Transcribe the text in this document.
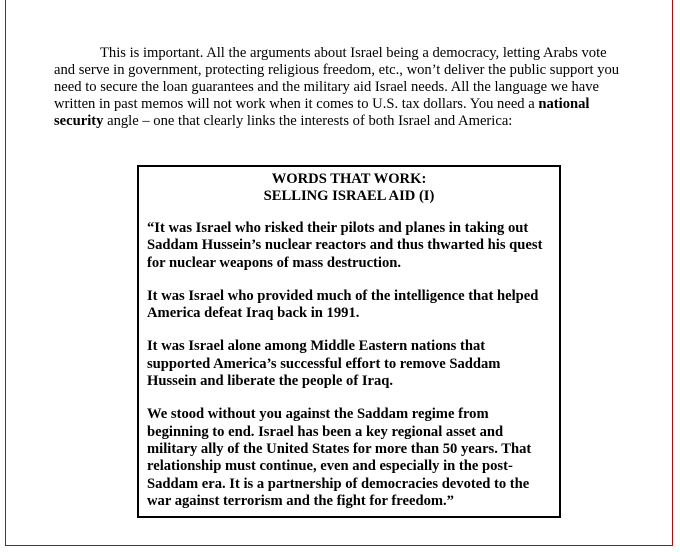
This is important. All the arguments about Israel being a democracy, letting Arabs vote and serve in government, protecting religious freedom, etc., won’t deliver the public support you need to secure the loan guarantees and the military aid Israel needs. All the language we have written in past memos will not work when it comes to U.S. tax dollars. You need a national security angle – one that clearly links the interests of both Israel and America:

WORDS THAT WORK:
SELLING ISRAEL AID (I)

“It was Israel who risked their pilots and planes in taking out Saddam Hussein’s nuclear reactors and thus thwarted his quest for nuclear weapons of mass destruction.

It was Israel who provided much of the intelligence that helped America defeat Iraq back in 1991.

It was Israel alone among Middle Eastern nations that supported America’s successful effort to remove Saddam Hussein and liberate the people of Iraq.

We stood without you against the Saddam regime from beginning to end. Israel has been a key regional asset and military ally of the United States for more than 50 years. That relationship must continue, even and especially in the post-Saddam era. It is a partnership of democracies devoted to the war against terrorism and the fight for freedom.”
